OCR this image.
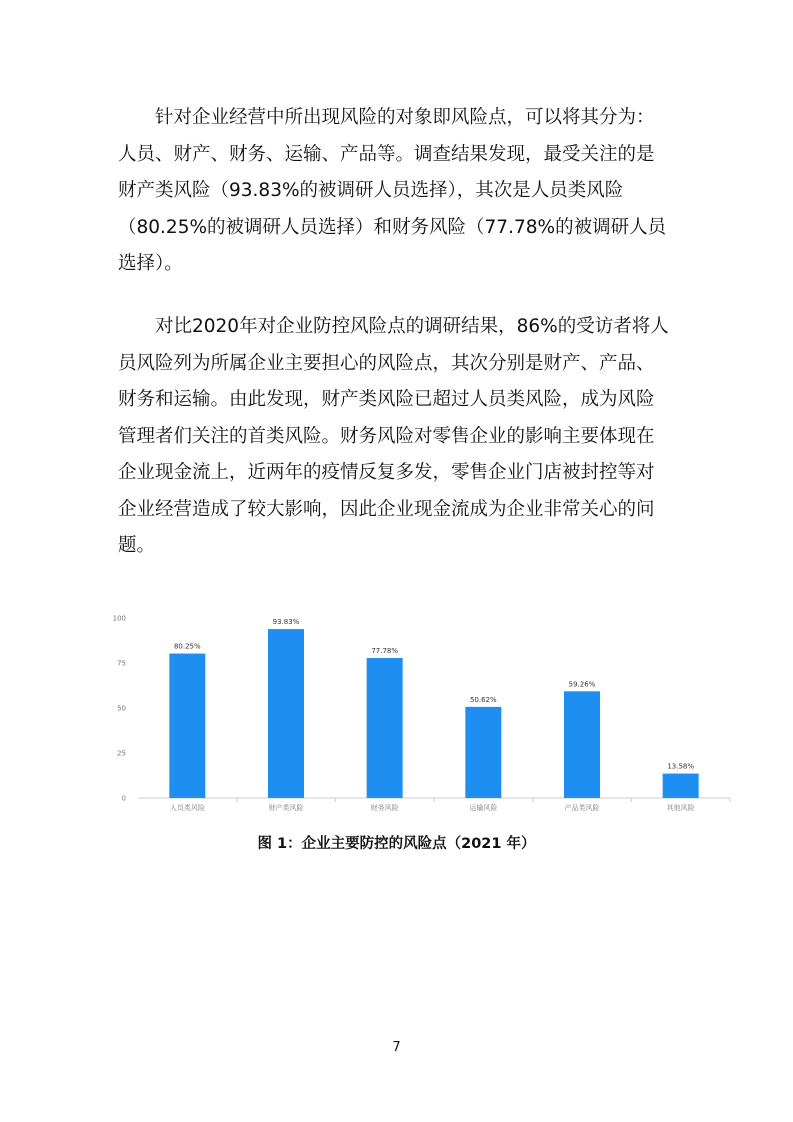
针对企业经营中所出现风险的对象即风险点，可以将其分为：
人员、财产、财务、运输、产品等。调查结果发现，最受关注的是
财产类风险（93.83%的被调研人员选择），其次是人员类风险
（80.25%的被调研人员选择）和财务风险（77.78%的被调研人员
选择）。
对比2020年对企业防控风险点的调研结果，86%的受访者将人
员风险列为所属企业主要担心的风险点，其次分别是财产、产品、
财务和运输。由此发现，财产类风险已超过人员类风险，成为风险
管理者们关注的首类风险。财务风险对零售企业的影响主要体现在
企业现金流上，近两年的疫情反复多发，零售企业门店被封控等对
企业经营造成了较大影响，因此企业现金流成为企业非常关心的问
题。
0
25
50
75
100
80.25%
人员类风险
93.83%
财产类风险
77.78%
财务风险
50.62%
运输风险
59.26%
产品类风险
13.58%
其他风险
图 1：企业主要防控的风险点（2021 年）
7
